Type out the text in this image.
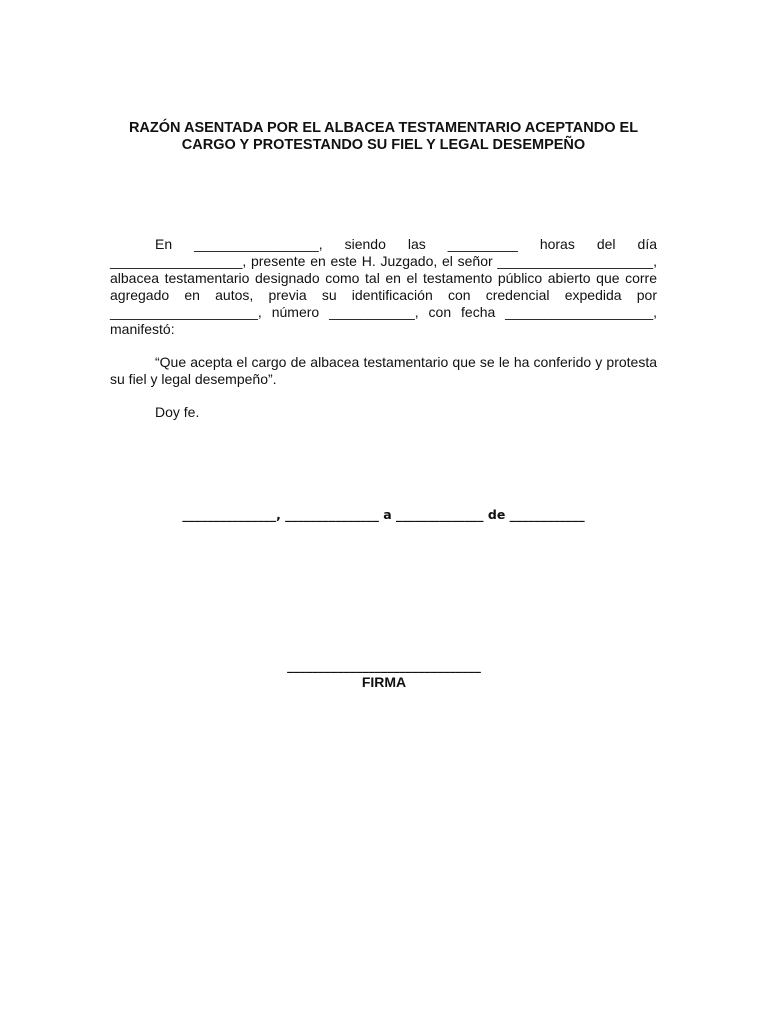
RAZÓN ASENTADA POR EL ALBACEA TESTAMENTARIO ACEPTANDO EL
CARGO Y PROTESTANDO SU FIEL Y LEGAL DESEMPEÑO

En ________________, siendo las _________ horas del día _________________, presente en este H. Juzgado, el señor ____________________, albacea testamentario designado como tal en el testamento público abierto que corre agregado en autos, previa su identificación con credencial expedida por ___________________, número ___________, con fecha ___________________, manifestó:

“Que acepta el cargo de albacea testamentario que se le ha conferido y protesta su fiel y legal desempeño”.

Doy fe.

_______________, _______________ a ______________ de ____________
_______________________________
FIRMA
